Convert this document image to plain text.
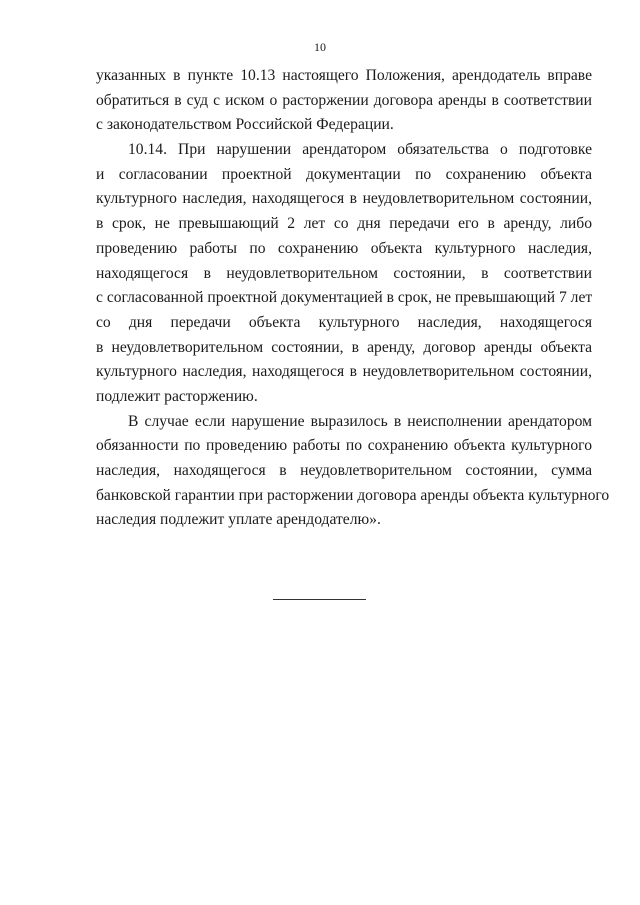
10
указанных в пункте 10.13 настоящего Положения, арендодатель вправе
обратиться в суд с иском о расторжении договора аренды в соответствии
с законодательством Российской Федерации.
10.14. При нарушении арендатором обязательства о подготовке
и согласовании проектной документации по сохранению объекта
культурного наследия, находящегося в неудовлетворительном состоянии,
в срок, не превышающий 2 лет со дня передачи его в аренду, либо
проведению работы по сохранению объекта культурного наследия,
находящегося в неудовлетворительном состоянии, в соответствии
с согласованной проектной документацией в срок, не превышающий 7 лет
со дня передачи объекта культурного наследия, находящегося
в неудовлетворительном состоянии, в аренду, договор аренды объекта
культурного наследия, находящегося в неудовлетворительном состоянии,
подлежит расторжению.
В случае если нарушение выразилось в неисполнении арендатором
обязанности по проведению работы по сохранению объекта культурного
наследия, находящегося в неудовлетворительном состоянии, сумма
банковской гарантии при расторжении договора аренды объекта культурного
наследия подлежит уплате арендодателю».
